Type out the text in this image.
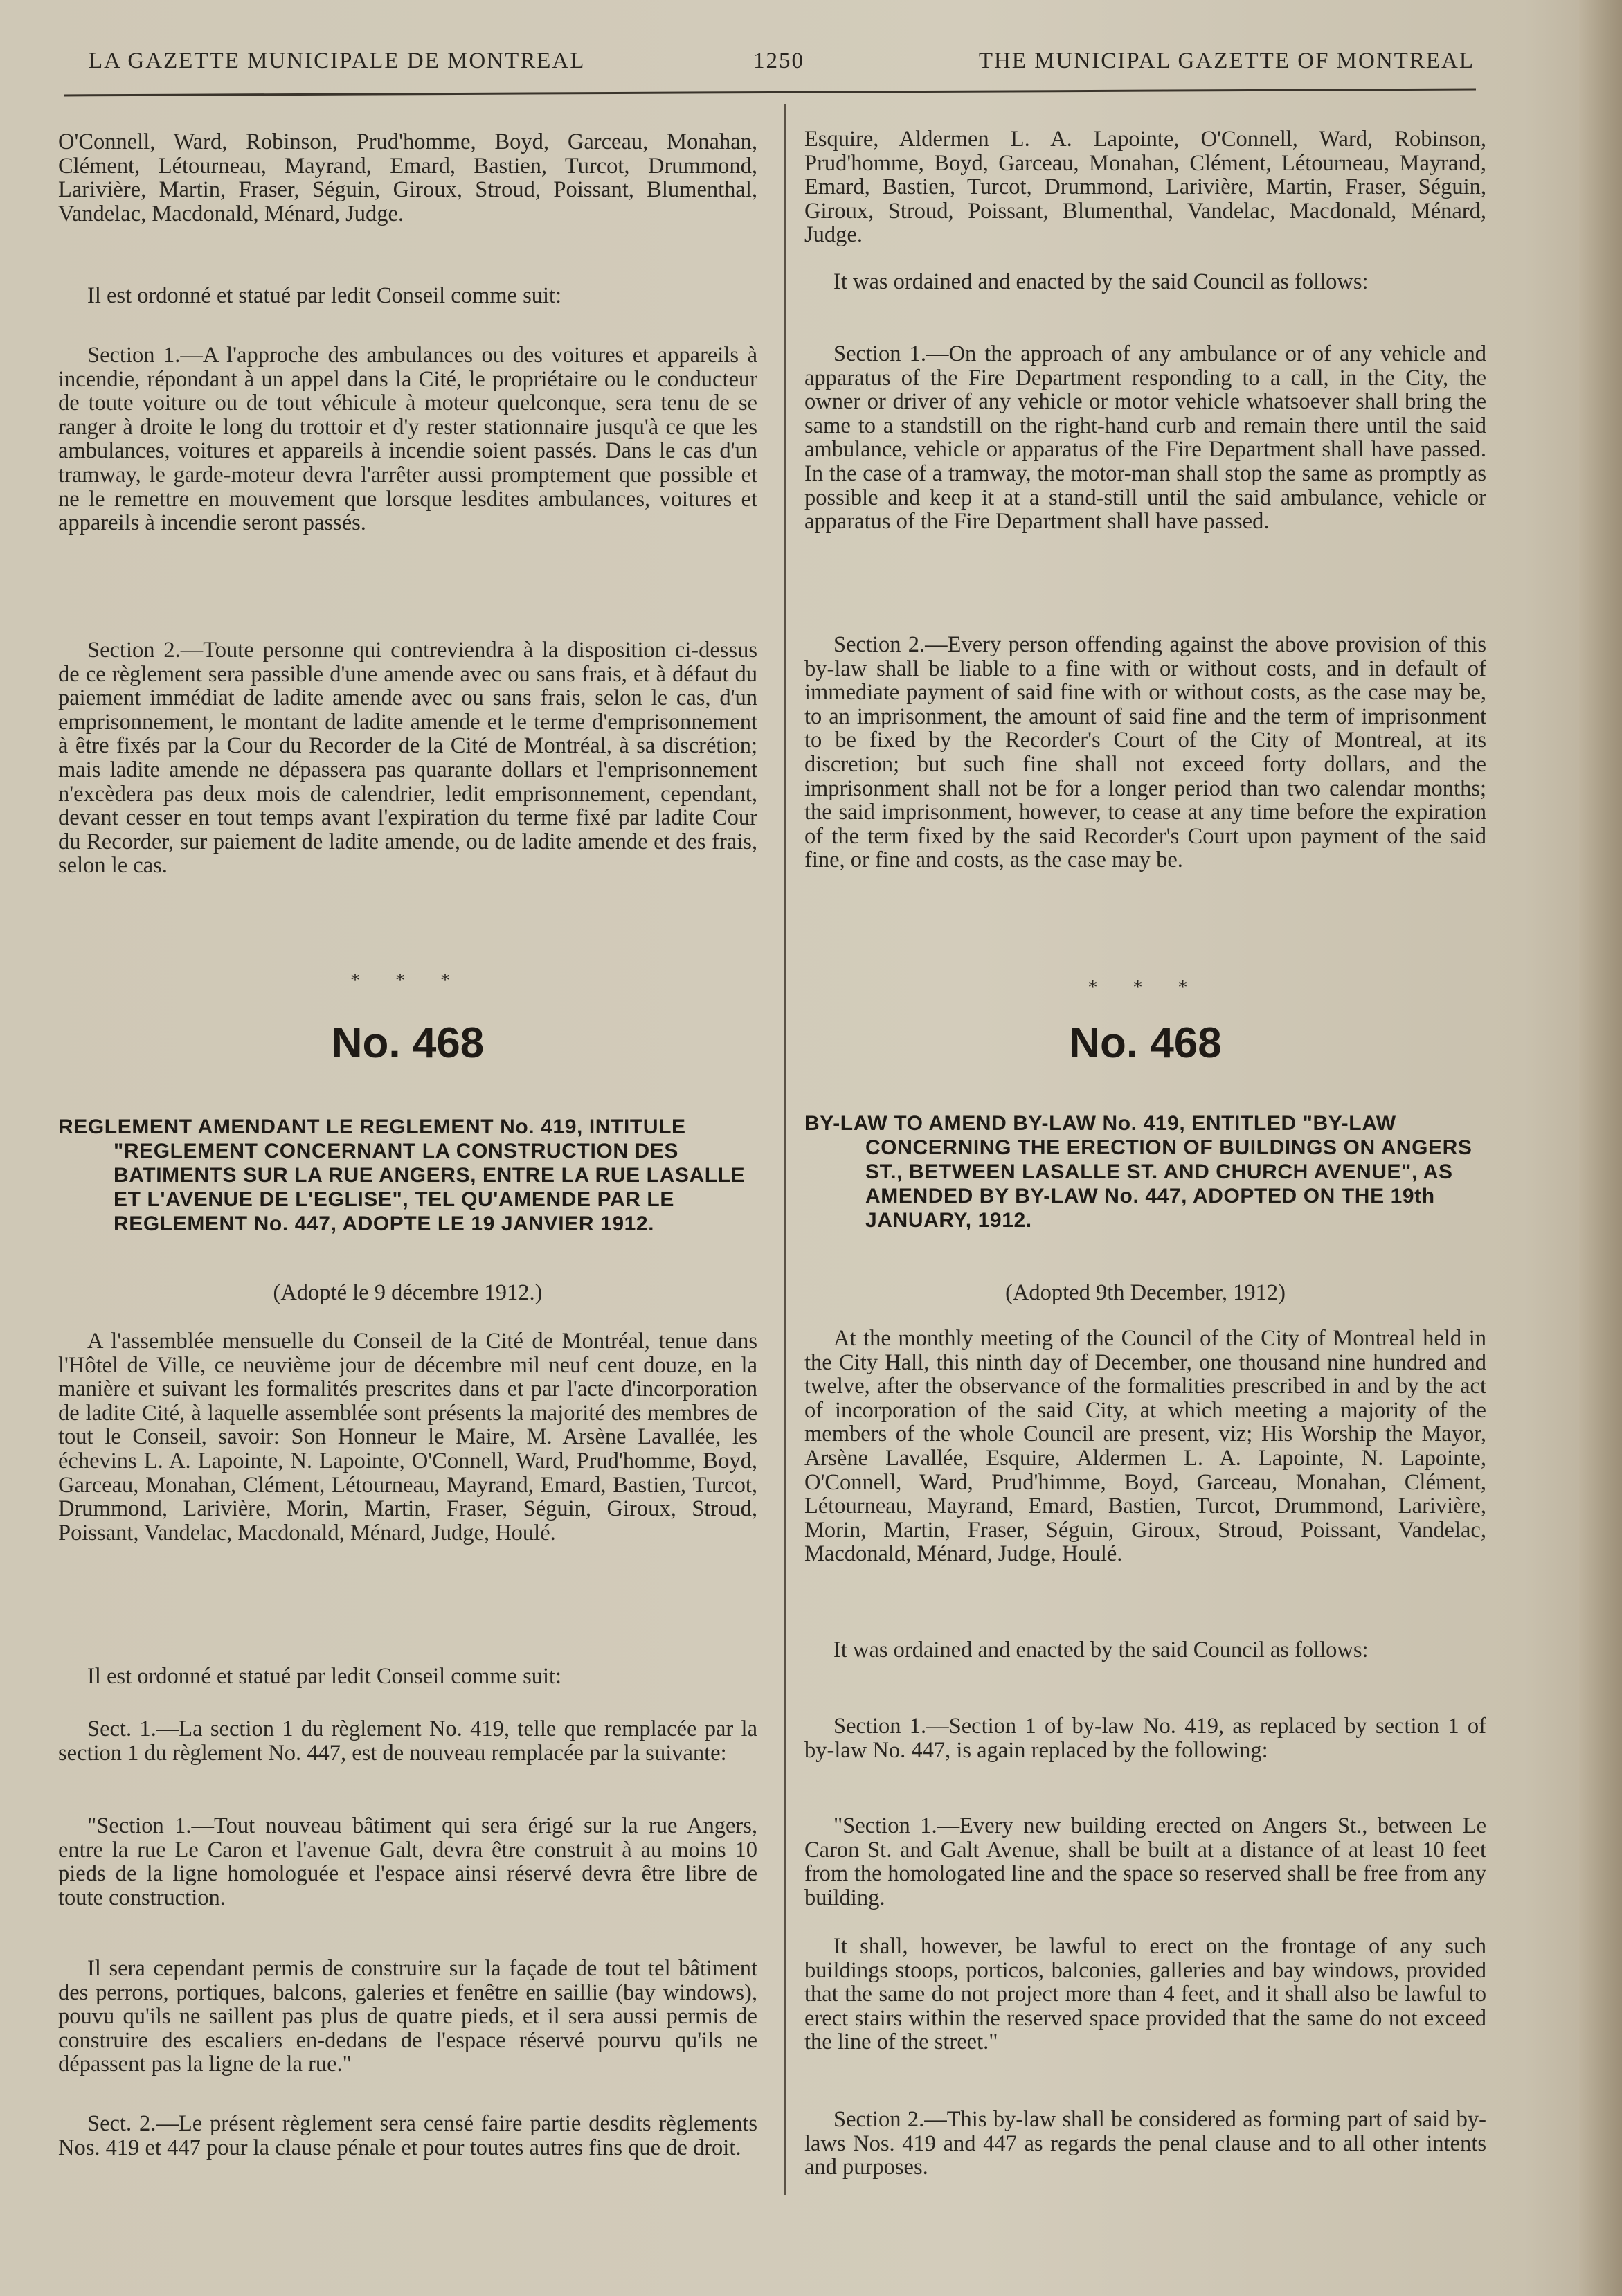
LA GAZETTE MUNICIPALE DE MONTREAL	1250	THE MUNICIPAL GAZETTE OF MONTREAL

O'Connell, Ward, Robinson, Prud'homme, Boyd, Garceau, Monahan, Clément, Létourneau, Mayrand, Emard, Bastien, Turcot, Drummond, Larivière, Martin, Fraser, Séguin, Giroux, Stroud, Poissant, Blumenthal, Vandelac, Macdonald, Ménard, Judge.

Il est ordonné et statué par ledit Conseil comme suit:

Section 1.—A l'approche des ambulances ou des voitures et appareils à incendie, répondant à un appel dans la Cité, le propriétaire ou le conducteur de toute voiture ou de tout véhicule à moteur quelconque, sera tenu de se ranger à droite le long du trottoir et d'y rester stationnaire jusqu'à ce que les ambulances, voitures et appareils à incendie soient passés. Dans le cas d'un tramway, le garde-moteur devra l'arrêter aussi promptement que possible et ne le remettre en mouvement que lorsque lesdites ambulances, voitures et appareils à incendie seront passés.

Section 2.—Toute personne qui contreviendra à la disposition ci-dessus de ce règlement sera passible d'une amende avec ou sans frais, et à défaut du paiement immédiat de ladite amende avec ou sans frais, selon le cas, d'un emprisonnement, le montant de ladite amende et le terme d'emprisonnement à être fixés par la Cour du Recorder de la Cité de Montréal, à sa discrétion; mais ladite amende ne dépassera pas quarante dollars et l'emprisonnement n'excèdera pas deux mois de calendrier, ledit emprisonnement, cependant, devant cesser en tout temps avant l'expiration du terme fixé par ladite Cour du Recorder, sur paiement de ladite amende, ou de ladite amende et des frais, selon le cas.

* * *
No. 468
REGLEMENT AMENDANT LE REGLEMENT No. 419, INTITULE "REGLEMENT CONCERNANT LA CONSTRUCTION DES BATIMENTS SUR LA RUE ANGERS, ENTRE LA RUE LASALLE ET L'AVENUE DE L'EGLISE", TEL QU'AMENDE PAR LE REGLEMENT No. 447, ADOPTE LE 19 JANVIER 1912.
(Adopté le 9 décembre 1912.)

A l'assemblée mensuelle du Conseil de la Cité de Montréal, tenue dans l'Hôtel de Ville, ce neuvième jour de décembre mil neuf cent douze, en la manière et suivant les formalités prescrites dans et par l'acte d'incorporation de ladite Cité, à laquelle assemblée sont présents la majorité des membres de tout le Conseil, savoir: Son Honneur le Maire, M. Arsène Lavallée, les échevins L. A. Lapointe, N. Lapointe, O'Connell, Ward, Prud'homme, Boyd, Garceau, Monahan, Clément, Létourneau, Mayrand, Emard, Bastien, Turcot, Drummond, Larivière, Morin, Martin, Fraser, Séguin, Giroux, Stroud, Poissant, Vandelac, Macdonald, Ménard, Judge, Houlé.

Il est ordonné et statué par ledit Conseil comme suit:

Sect. 1.—La section 1 du règlement No. 419, telle que remplacée par la section 1 du règlement No. 447, est de nouveau remplacée par la suivante:

"Section 1.—Tout nouveau bâtiment qui sera érigé sur la rue Angers, entre la rue Le Caron et l'avenue Galt, devra être construit à au moins 10 pieds de la ligne homologuée et l'espace ainsi réservé devra être libre de toute construction.

Il sera cependant permis de construire sur la façade de tout tel bâtiment des perrons, portiques, balcons, galeries et fenêtre en saillie (bay windows), pouvu qu'ils ne saillent pas plus de quatre pieds, et il sera aussi permis de construire des escaliers en-dedans de l'espace réservé pourvu qu'ils ne dépassent pas la ligne de la rue."

Sect. 2.—Le présent règlement sera censé faire partie desdits règlements Nos. 419 et 447 pour la clause pénale et pour toutes autres fins que de droit.

Esquire, Aldermen L. A. Lapointe, O'Connell, Ward, Robinson, Prud'homme, Boyd, Garceau, Monahan, Clément, Létourneau, Mayrand, Emard, Bastien, Turcot, Drummond, Larivière, Martin, Fraser, Séguin, Giroux, Stroud, Poissant, Blumenthal, Vandelac, Macdonald, Ménard, Judge.

It was ordained and enacted by the said Council as follows:

Section 1.—On the approach of any ambulance or of any vehicle and apparatus of the Fire Department responding to a call, in the City, the owner or driver of any vehicle or motor vehicle whatsoever shall bring the same to a standstill on the right-hand curb and remain there until the said ambulance, vehicle or apparatus of the Fire Department shall have passed. In the case of a tramway, the motor-man shall stop the same as promptly as possible and keep it at a stand-still until the said ambulance, vehicle or apparatus of the Fire Department shall have passed.

Section 2.—Every person offending against the above provision of this by-law shall be liable to a fine with or without costs, and in default of immediate payment of said fine with or without costs, as the case may be, to an imprisonment, the amount of said fine and the term of imprisonment to be fixed by the Recorder's Court of the City of Montreal, at its discretion; but such fine shall not exceed forty dollars, and the imprisonment shall not be for a longer period than two calendar months; the said imprisonment, however, to cease at any time before the expiration of the term fixed by the said Recorder's Court upon payment of the said fine, or fine and costs, as the case may be.

* * *
No. 468
BY-LAW TO AMEND BY-LAW No. 419, ENTITLED "BY-LAW CONCERNING THE ERECTION OF BUILDINGS ON ANGERS ST., BETWEEN LASALLE ST. AND CHURCH AVENUE", AS AMENDED BY BY-LAW No. 447, ADOPTED ON THE 19th JANUARY, 1912.
(Adopted 9th December, 1912)

At the monthly meeting of the Council of the City of Montreal held in the City Hall, this ninth day of December, one thousand nine hundred and twelve, after the observance of the formalities prescribed in and by the act of incorporation of the said City, at which meeting a majority of the members of the whole Council are present, viz; His Worship the Mayor, Arsène Lavallée, Esquire, Aldermen L. A. Lapointe, N. Lapointe, O'Connell, Ward, Prud'himme, Boyd, Garceau, Monahan, Clément, Létourneau, Mayrand, Emard, Bastien, Turcot, Drummond, Larivière, Morin, Martin, Fraser, Séguin, Giroux, Stroud, Poissant, Vandelac, Macdonald, Ménard, Judge, Houlé.

It was ordained and enacted by the said Council as follows:

Section 1.—Section 1 of by-law No. 419, as replaced by section 1 of by-law No. 447, is again replaced by the following:

"Section 1.—Every new building erected on Angers St., between Le Caron St. and Galt Avenue, shall be built at a distance of at least 10 feet from the homologated line and the space so reserved shall be free from any building.

It shall, however, be lawful to erect on the frontage of any such buildings stoops, porticos, balconies, galleries and bay windows, provided that the same do not project more than 4 feet, and it shall also be lawful to erect stairs within the reserved space provided that the same do not exceed the line of the street."

Section 2.—This by-law shall be considered as forming part of said by-laws Nos. 419 and 447 as regards the penal clause and to all other intents and purposes.
